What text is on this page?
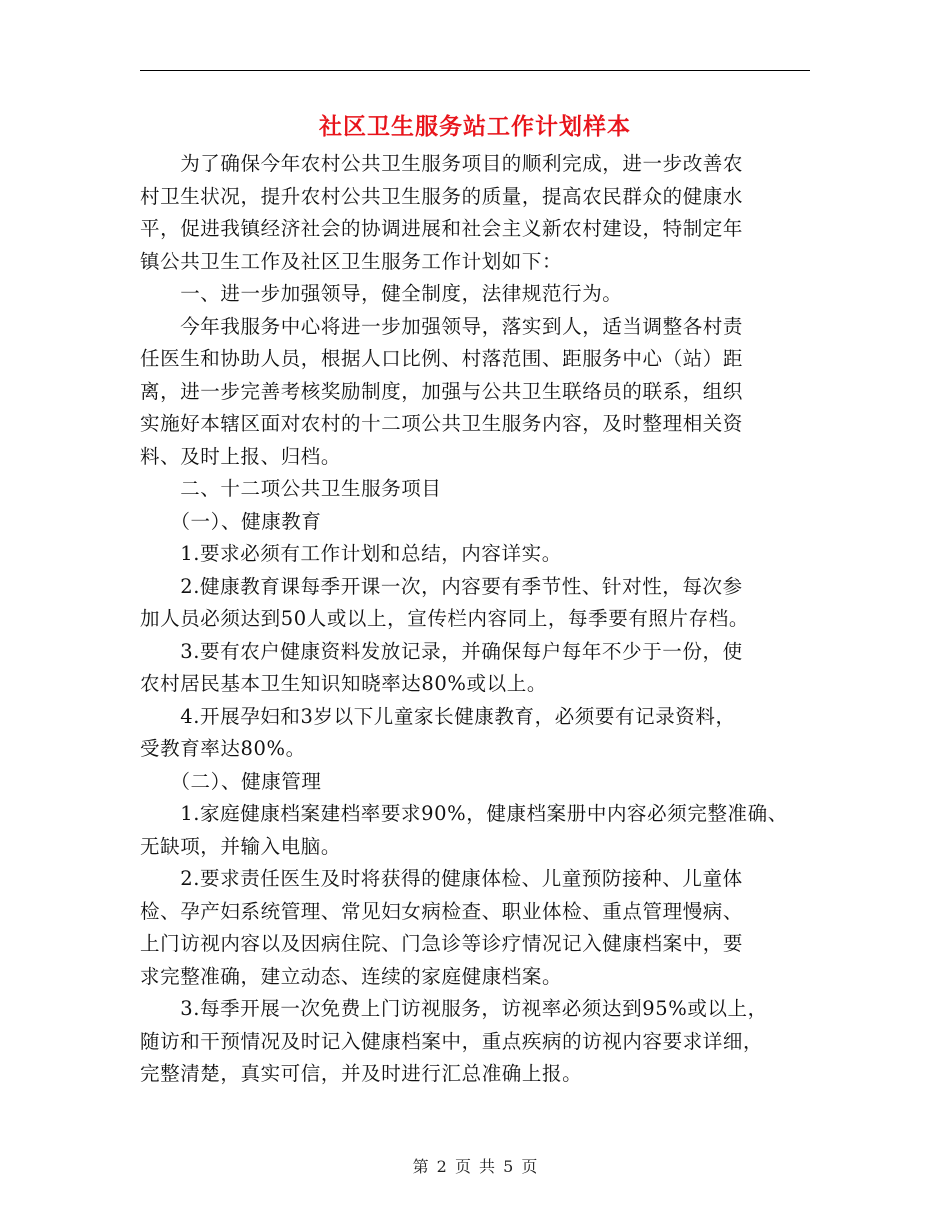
社区卫生服务站工作计划样本
　　为了确保今年农村公共卫生服务项目的顺利完成，进一步改善农
村卫生状况，提升农村公共卫生服务的质量，提高农民群众的健康水
平，促进我镇经济社会的协调进展和社会主义新农村建设，特制定年
镇公共卫生工作及社区卫生服务工作计划如下：
　　一、进一步加强领导，健全制度，法律规范行为。
　　今年我服务中心将进一步加强领导，落实到人，适当调整各村责
任医生和协助人员，根据人口比例、村落范围、距服务中心（站）距
离，进一步完善考核奖励制度，加强与公共卫生联络员的联系，组织
实施好本辖区面对农村的十二项公共卫生服务内容，及时整理相关资
料、及时上报、归档。
　　二、十二项公共卫生服务项目
　　（一）、健康教育
　　1.要求必须有工作计划和总结，内容详实。
　　2.健康教育课每季开课一次，内容要有季节性、针对性，每次参
加人员必须达到50人或以上，宣传栏内容同上，每季要有照片存档。
　　3.要有农户健康资料发放记录，并确保每户每年不少于一份，使
农村居民基本卫生知识知晓率达80%或以上。
　　4.开展孕妇和3岁以下儿童家长健康教育，必须要有记录资料，
受教育率达80%。
　　（二）、健康管理
　　1.家庭健康档案建档率要求90%，健康档案册中内容必须完整准确、
无缺项，并输入电脑。
　　2.要求责任医生及时将获得的健康体检、儿童预防接种、儿童体
检、孕产妇系统管理、常见妇女病检查、职业体检、重点管理慢病、
上门访视内容以及因病住院、门急诊等诊疗情况记入健康档案中，要
求完整准确，建立动态、连续的家庭健康档案。
　　3.每季开展一次免费上门访视服务，访视率必须达到95%或以上，
随访和干预情况及时记入健康档案中，重点疾病的访视内容要求详细，
完整清楚，真实可信，并及时进行汇总准确上报。
第 2 页 共 5 页
